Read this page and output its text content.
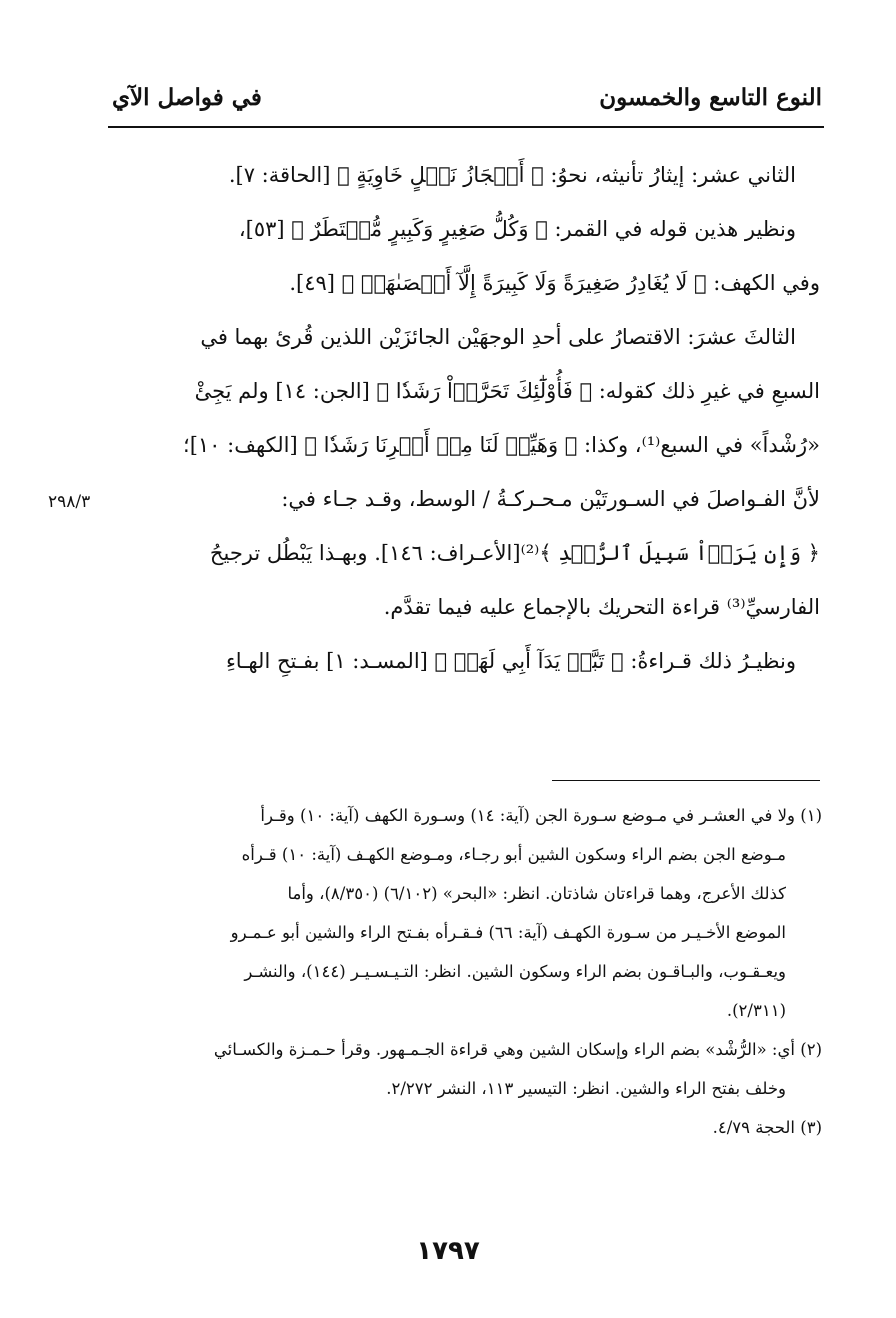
النوع التاسع والخمسون
في فواصل الآي
الثاني عشر: إيثارُ تأنيثه، نحوُ: ﴿ أَعۡجَازُ نَخۡلٍ خَاوِيَةٍ ﴾ [الحاقة: ٧].
ونظير هذين قوله في القمر: ﴿ وَكُلُّ صَغِيرٍ وَكَبِيرٍ مُّسۡتَطَرٌ ﴾ [٥٣]،
وفي الكهف: ﴿ لَا يُغَادِرُ صَغِيرَةً وَلَا كَبِيرَةً إِلَّآ أَحۡصَىٰهَاۚ ﴾ [٤٩].
الثالثَ عشرَ: الاقتصارُ على أحدِ الوجهَيْن الجائزَيْن اللذين قُرئ بهما في
السبعِ في غيرِ ذلك كقوله: ﴿ فَأُوْلَٰٓئِكَ تَحَرَّوۡاْ رَشَدٗا ﴾ [الجن: ١٤] ولم يَجِئْ
«رُشْداً» في السبع⁽¹⁾، وكذا: ﴿ وَهَيِّئۡ لَنَا مِنۡ أَمۡرِنَا رَشَدٗا ﴾ [الكهف: ١٠]؛
لأنَّ الفـواصلَ في السـورتَيْن مـحـركـةُ / الوسط، وقـد جـاء في:
﴿ وَإِن يَرَوۡاْ سَبِيلَ ٱلرُّشۡدِ ﴾⁽²⁾[الأعـراف: ١٤٦]. وبهـذا يَبْطُل ترجيحُ
الفارسيِّ⁽³⁾ قراءة التحريك بالإجماع عليه فيما تقدَّم.
ونظيـرُ ذلك قـراءةُ: ﴿ تَبَّتۡ يَدَآ أَبِي لَهَبٖ ﴾ [المسـد: ١] بفـتحِ الهـاءِ
٢٩٨/٣
(١) ولا في العشـر في مـوضع سـورة الجن (آية: ١٤) وسـورة الكهف (آية: ١٠) وقـرأ
مـوضع الجن بضم الراء وسكون الشين أبو رجـاء، ومـوضع الكهـف (آية: ١٠) قـرأه
كذلك الأعرج، وهما قراءتان شاذتان. انظر: «البحر» (٦/١٠٢) (٨/٣٥٠)، وأما
الموضع الأخـيـر من سـورة الكهـف (آية: ٦٦) فـقـرأه بفـتح الراء والشين أبو عـمـرو
ويعـقـوب، والبـاقـون بضم الراء وسكون الشين. انظر: التـيـسـيـر (١٤٤)، والنشـر
(٢/٣١١).
(٢) أي: «الرُّشْد» بضم الراء وإسكان الشين وهي قراءة الجـمـهور. وقرأ حـمـزة والكسـائي
وخلف بفتح الراء والشين. انظر: التيسير ١١٣، النشر ٢/٢٧٢.
(٣) الحجة ٤/٧٩.
١٧٩٧
